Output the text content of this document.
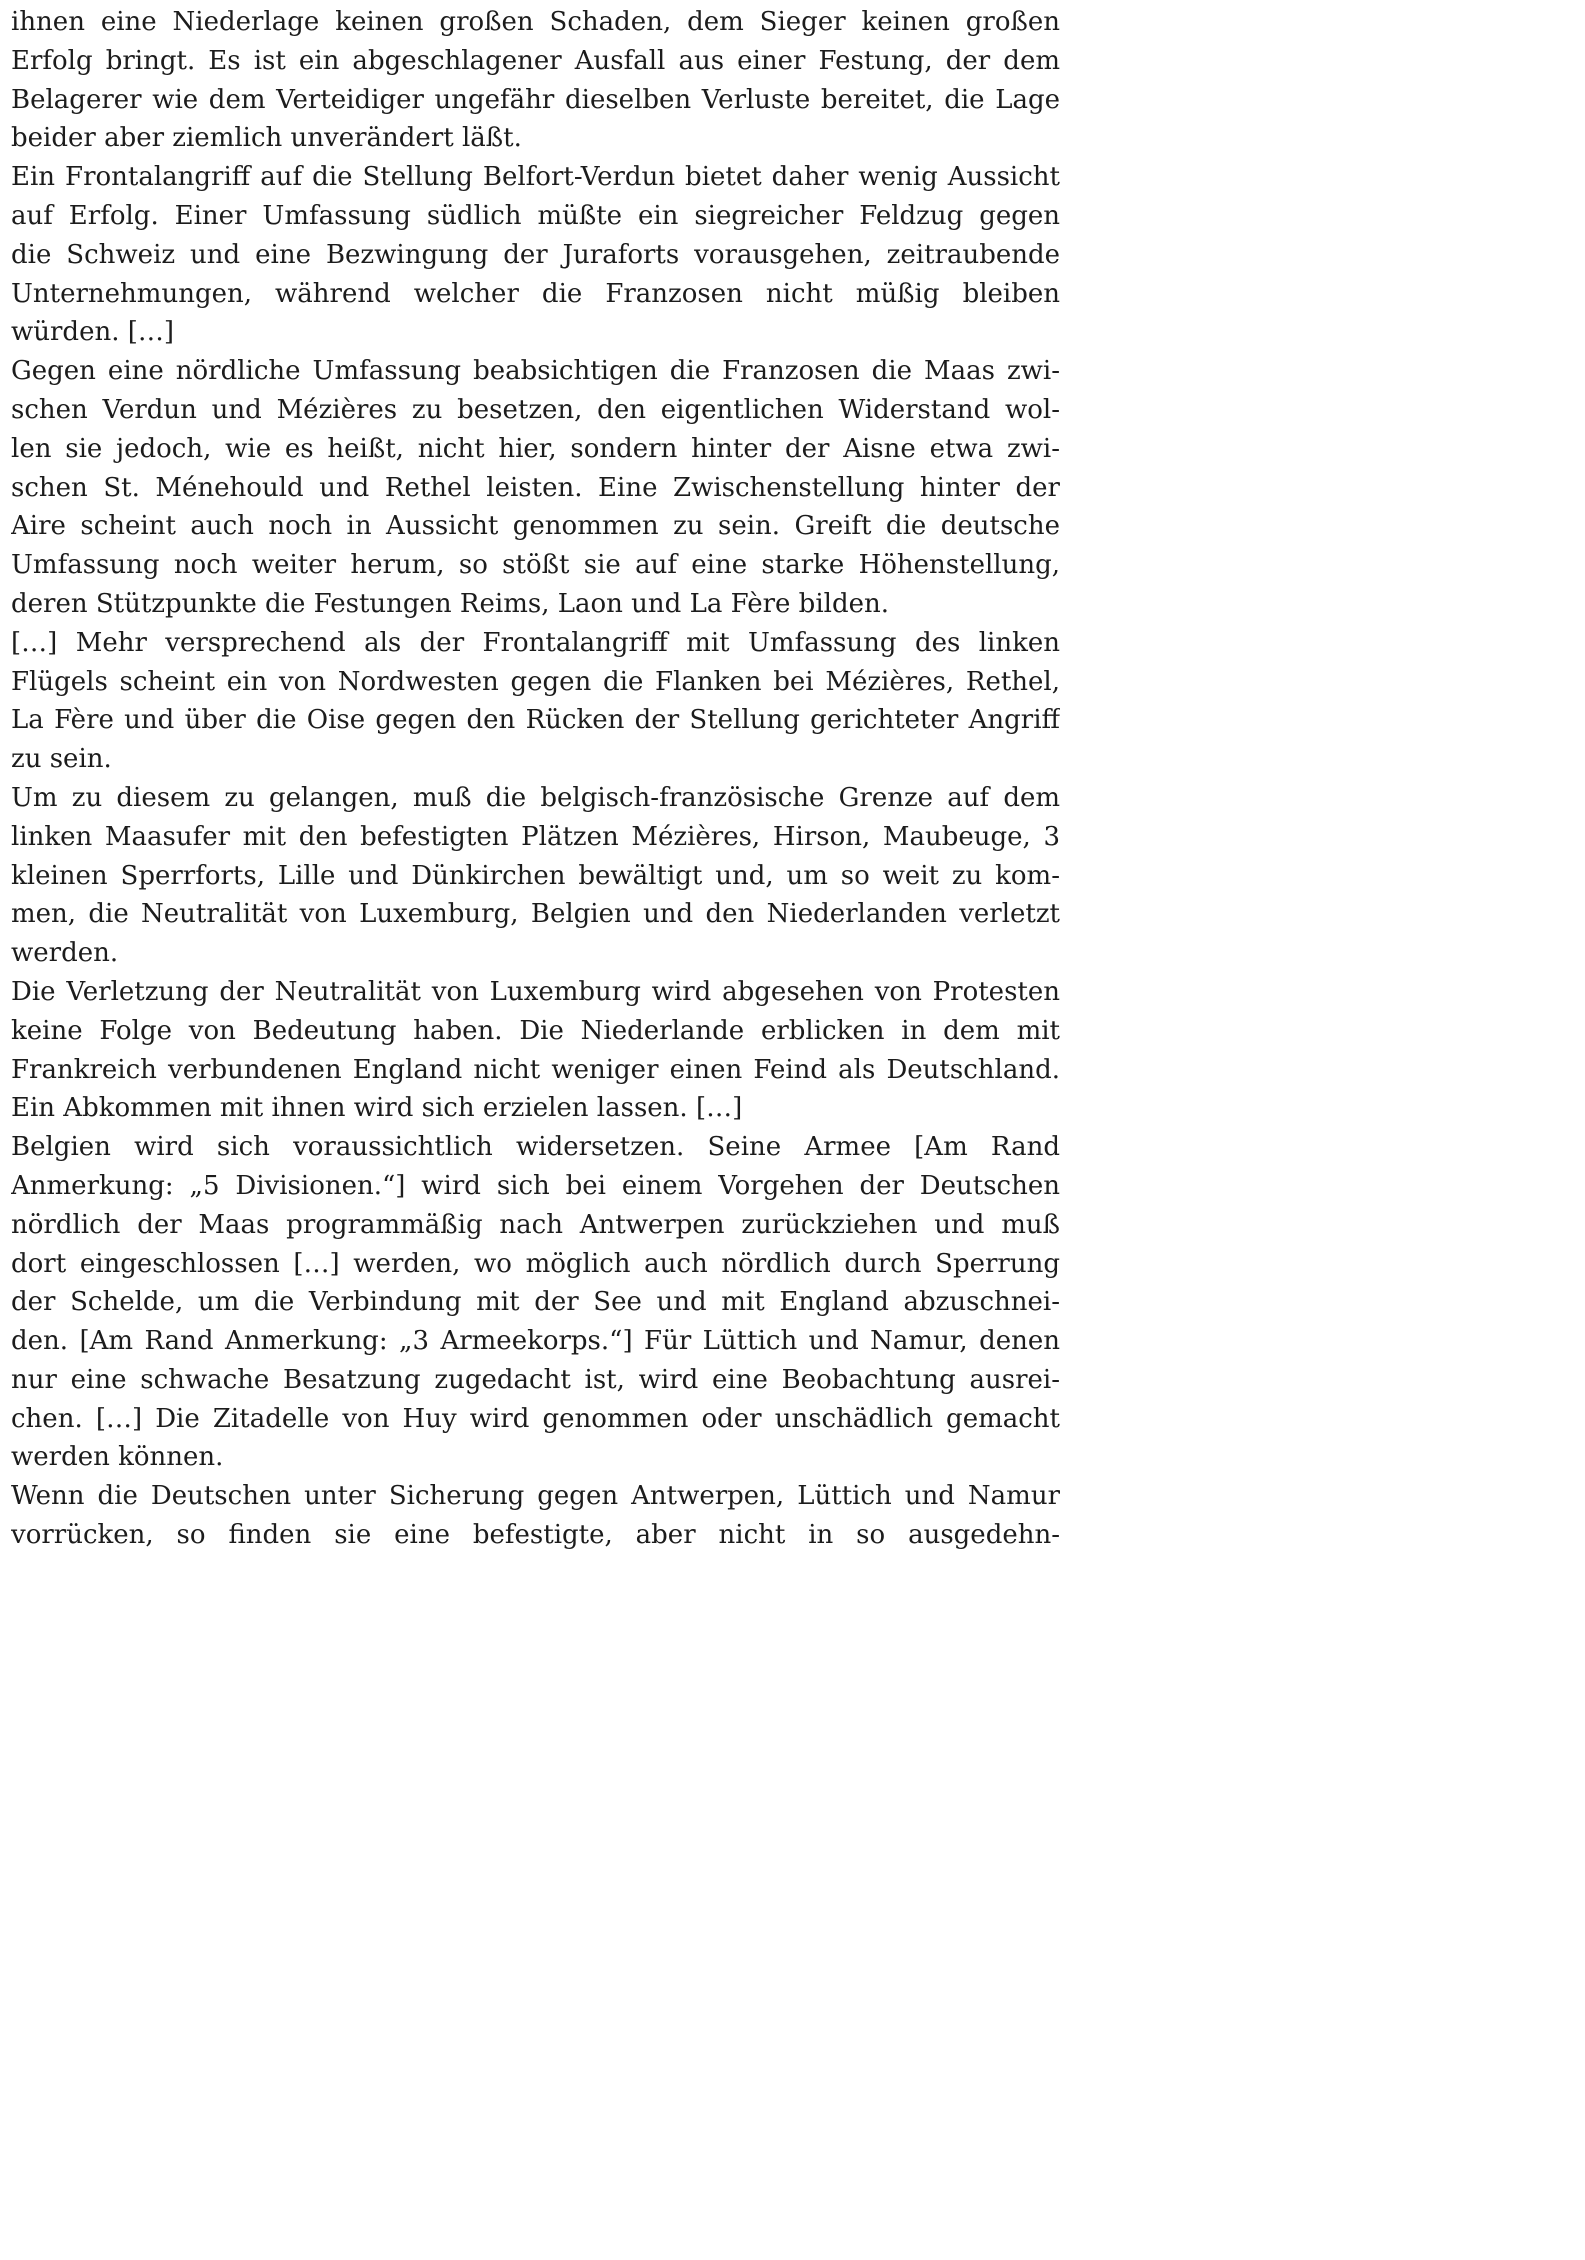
ihnen eine Niederlage keinen großen Schaden, dem Sieger keinen großen
Erfolg bringt. Es ist ein abgeschlagener Ausfall aus einer Festung, der dem
Belagerer wie dem Verteidiger ungefähr dieselben Verluste bereitet, die Lage
beider aber ziemlich unverändert läßt.
Ein Frontalangriff auf die Stellung Belfort-Verdun bietet daher wenig Aussicht
auf Erfolg. Einer Umfassung südlich müßte ein siegreicher Feldzug gegen
die Schweiz und eine Bezwingung der Juraforts vorausgehen, zeitraubende
Unternehmungen, während welcher die Franzosen nicht müßig bleiben
würden. […]
Gegen eine nördliche Umfassung beabsichtigen die Franzosen die Maas zwi-
schen Verdun und Mézières zu besetzen, den eigentlichen Widerstand wol-
len sie jedoch, wie es heißt, nicht hier, sondern hinter der Aisne etwa zwi-
schen St. Ménehould und Rethel leisten. Eine Zwischenstellung hinter der
Aire scheint auch noch in Aussicht genommen zu sein. Greift die deutsche
Umfassung noch weiter herum, so stößt sie auf eine starke Höhenstellung,
deren Stützpunkte die Festungen Reims, Laon und La Fère bilden.
[…] Mehr versprechend als der Frontalangriff mit Umfassung des linken
Flügels scheint ein von Nordwesten gegen die Flanken bei Mézières, Rethel,
La Fère und über die Oise gegen den Rücken der Stellung gerichteter Angriff
zu sein.
Um zu diesem zu gelangen, muß die belgisch-französische Grenze auf dem
linken Maasufer mit den befestigten Plätzen Mézières, Hirson, Maubeuge, 3
kleinen Sperrforts, Lille und Dünkirchen bewältigt und, um so weit zu kom-
men, die Neutralität von Luxemburg, Belgien und den Niederlanden verletzt
werden.
Die Verletzung der Neutralität von Luxemburg wird abgesehen von Protesten
keine Folge von Bedeutung haben. Die Niederlande erblicken in dem mit
Frankreich verbundenen England nicht weniger einen Feind als Deutschland.
Ein Abkommen mit ihnen wird sich erzielen lassen. […]
Belgien wird sich voraussichtlich widersetzen. Seine Armee [Am Rand
Anmerkung: „5 Divisionen.“] wird sich bei einem Vorgehen der Deutschen
nördlich der Maas programmäßig nach Antwerpen zurückziehen und muß
dort eingeschlossen […] werden, wo möglich auch nördlich durch Sperrung
der Schelde, um die Verbindung mit der See und mit England abzuschnei-
den. [Am Rand Anmerkung: „3 Armeekorps.“] Für Lüttich und Namur, denen
nur eine schwache Besatzung zugedacht ist, wird eine Beobachtung ausrei-
chen. […] Die Zitadelle von Huy wird genommen oder unschädlich gemacht
werden können.
Wenn die Deutschen unter Sicherung gegen Antwerpen, Lüttich und Namur
vorrücken, so finden sie eine befestigte, aber nicht in so ausgedehn-
